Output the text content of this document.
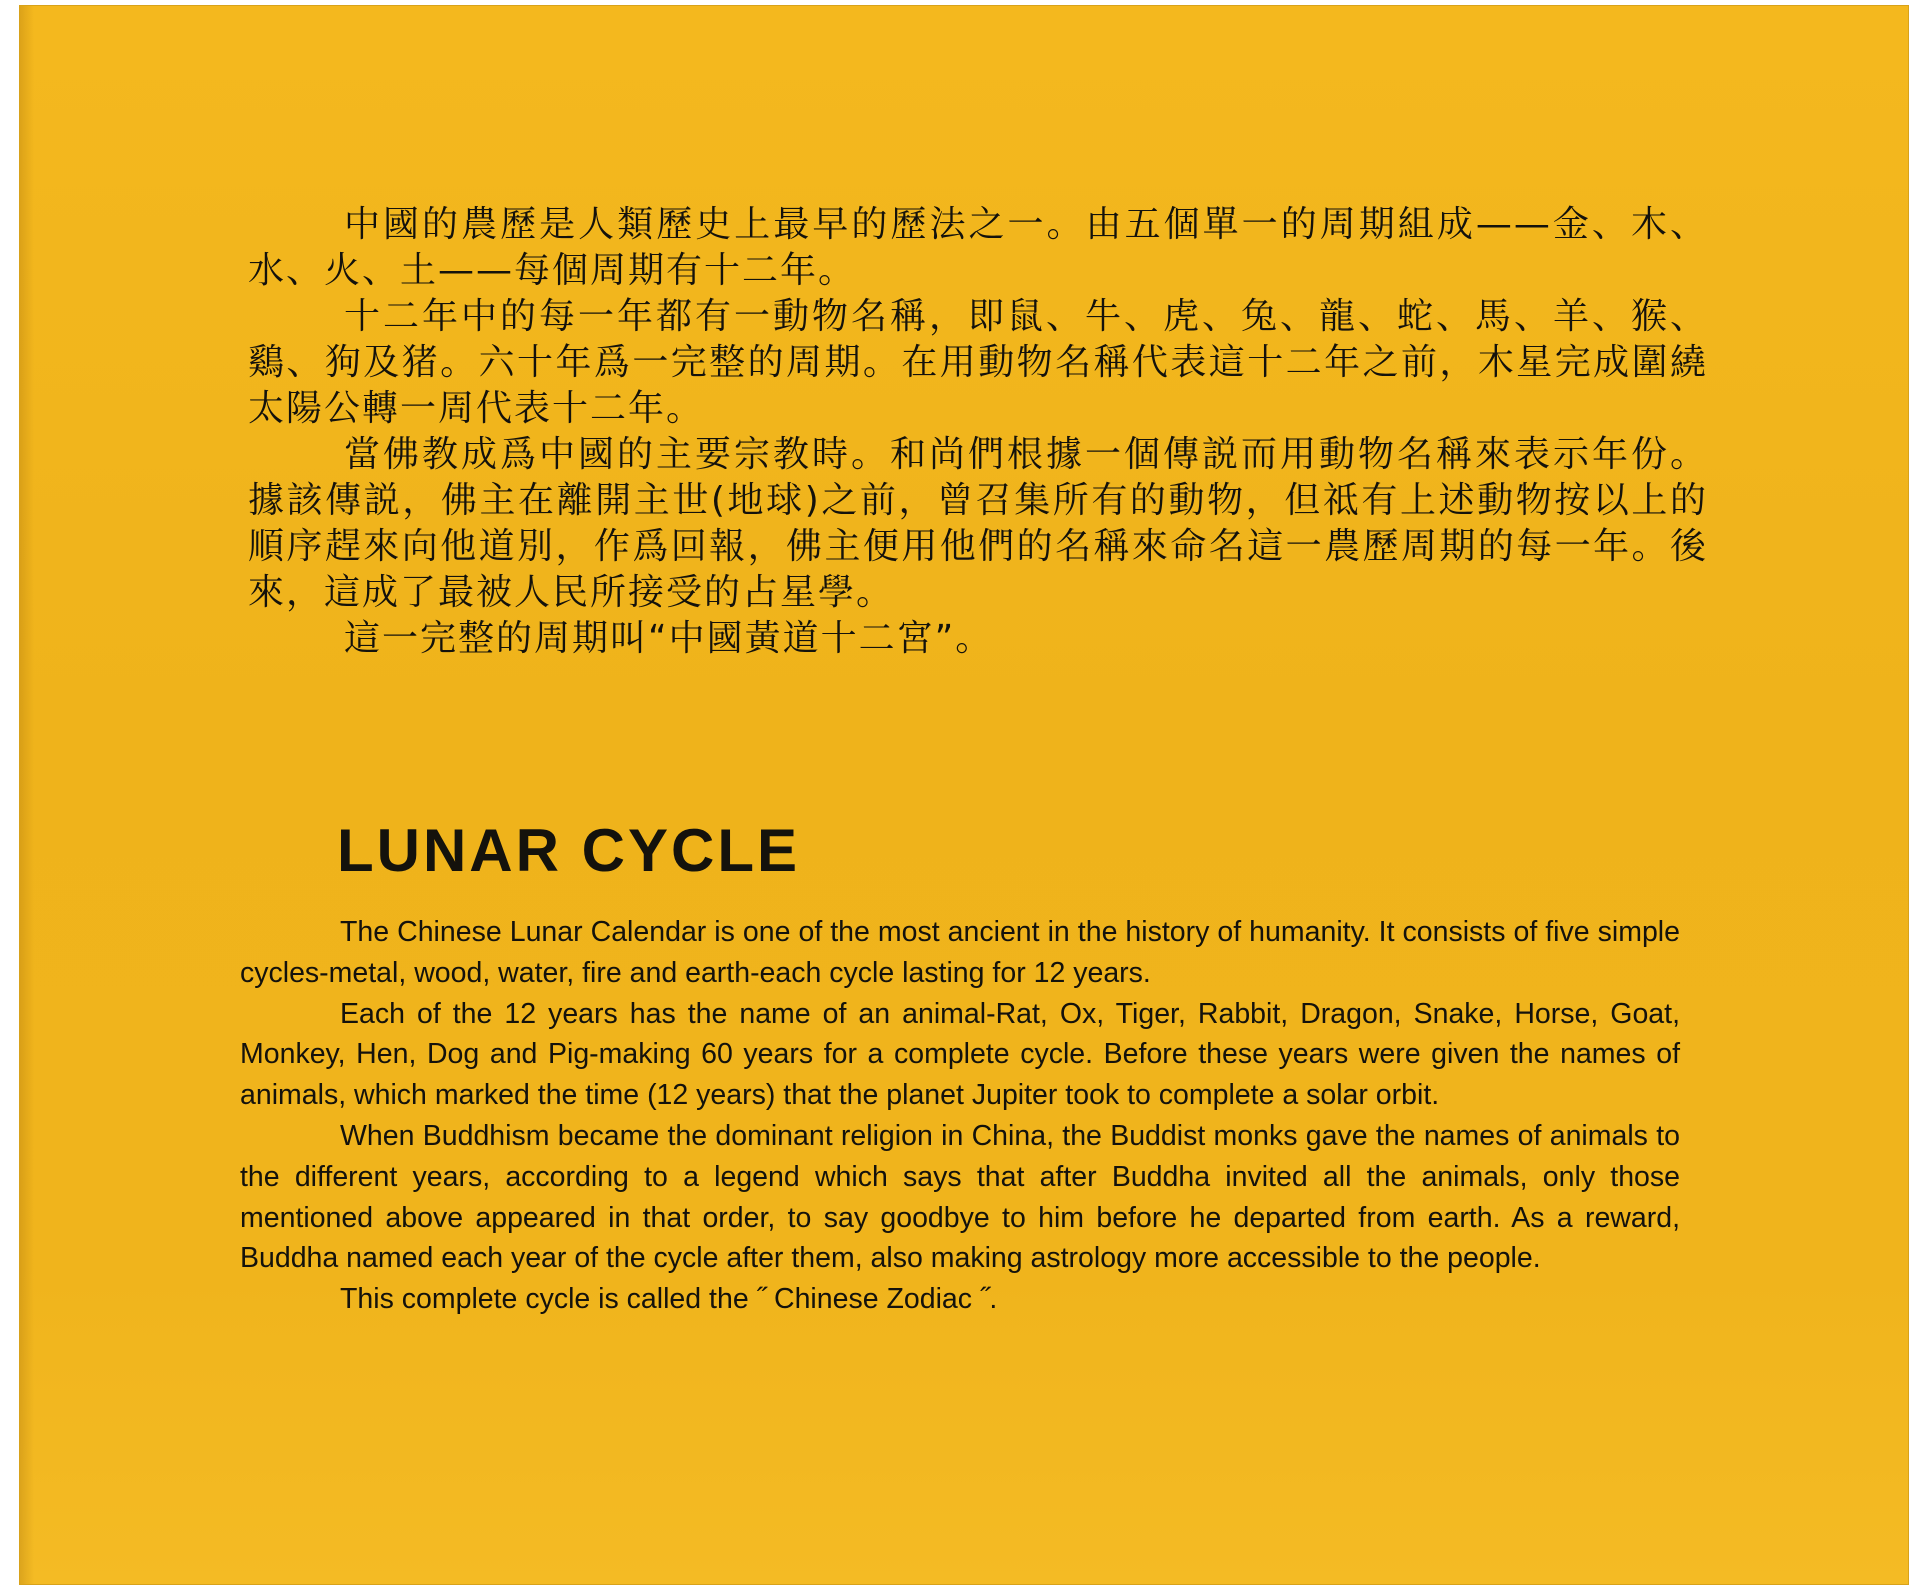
中國的農歷是人類歷史上最早的歷法之一。由五個單一的周期組成——金、木、水、火、土——每個周期有十二年。

十二年中的每一年都有一動物名稱，即鼠、牛、虎、兔、龍、蛇、馬、羊、猴、鷄、狗及猪。六十年爲一完整的周期。在用動物名稱代表這十二年之前，木星完成圍繞太陽公轉一周代表十二年。

當佛教成爲中國的主要宗教時。和尚們根據一個傳説而用動物名稱來表示年份。據該傳説，佛主在離開主世(地球)之前，曾召集所有的動物，但祗有上述動物按以上的順序趕來向他道別，作爲回報，佛主便用他們的名稱來命名這一農歷周期的每一年。後來，這成了最被人民所接受的占星學。

這一完整的周期叫“中國黃道十二宮”。

LUNAR CYCLE

The Chinese Lunar Calendar is one of the most ancient in the history of humanity. It consists of five simple cycles-metal, wood, water, fire and earth-each cycle lasting for 12 years.

Each of the 12 years has the name of an animal-Rat, Ox, Tiger, Rabbit, Dragon, Snake, Horse, Goat, Monkey, Hen, Dog and Pig-making 60 years for a complete cycle. Before these years were given the names of animals, which marked the time (12 years) that the planet Jupiter took to complete a solar orbit.

When Buddhism became the dominant religion in China, the Buddist monks gave the names of animals to the different years, according to a legend which says that after Buddha invited all the animals, only those mentioned above appeared in that order, to say goodbye to him before he departed from earth. As a reward, Buddha named each year of the cycle after them, also making astrology more accessible to the people.

This complete cycle is called the ˝ Chinese Zodiac ˝.
